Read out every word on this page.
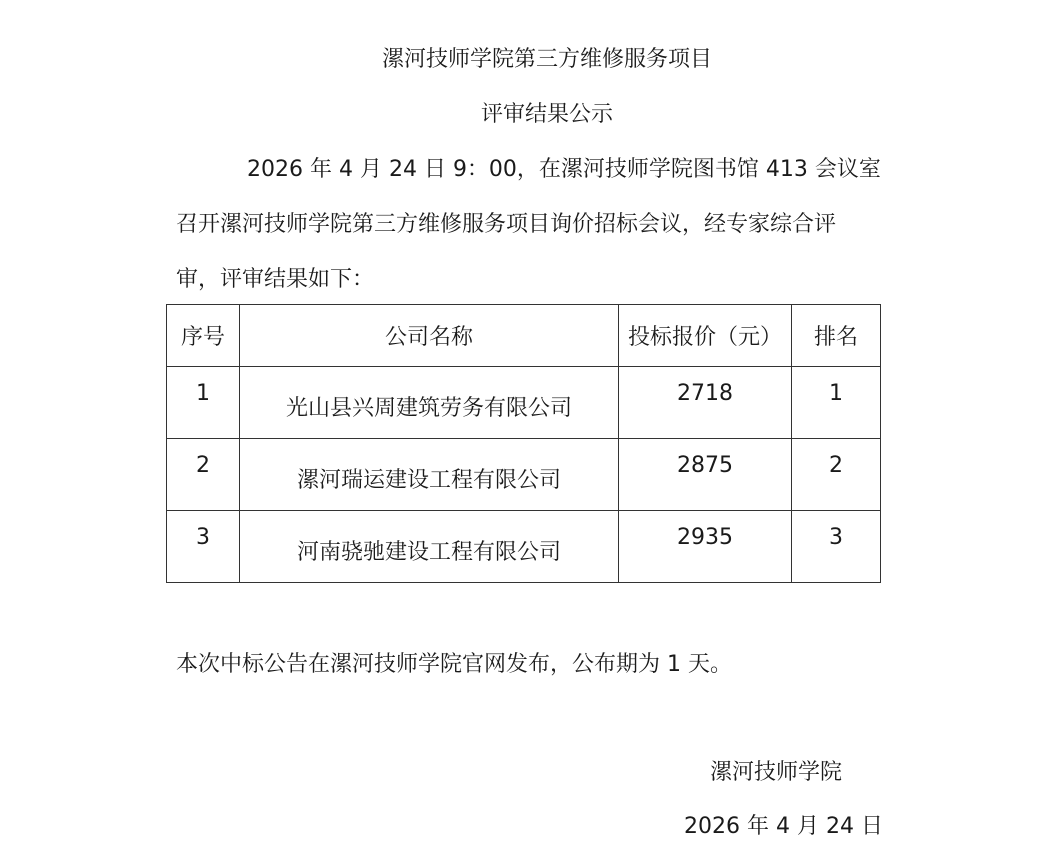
漯河技师学院第三方维修服务项目
评审结果公示
2026 年 4 月 24 日 9：00，在漯河技师学院图书馆 413 会议室
召开漯河技师学院第三方维修服务项目询价招标会议，经专家综合评
审，评审结果如下：
序号	公司名称	投标报价（元）	排名

1	光山县兴周建筑劳务有限公司	2718	1

2	漯河瑞运建设工程有限公司	2875	2

3	河南骁驰建设工程有限公司	2935	3
本次中标公告在漯河技师学院官网发布，公布期为 1 天。
漯河技师学院
2026 年 4 月 24 日
